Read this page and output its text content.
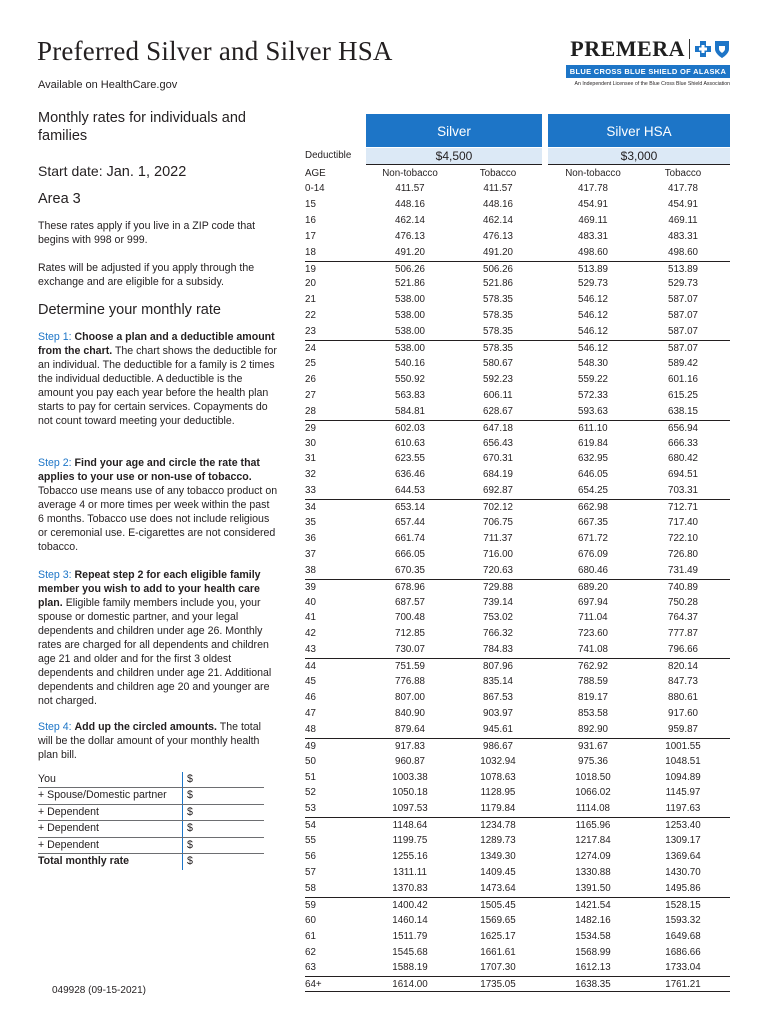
Preferred Silver and Silver HSA
Available on HealthCare.gov
PREMERA
BLUE CROSS BLUE SHIELD OF ALASKA
An Independent Licensee of the Blue Cross Blue Shield Association
Monthly rates for individuals and families
Start date: Jan. 1, 2022
Area 3
These rates apply if you live in a ZIP code that begins with 998 or 999.
Rates will be adjusted if you apply through the exchange and are eligible for a subsidy.
Determine your monthly rate
Step 1: Choose a plan and a deductible amount from the chart. The chart shows the deductible for an individual. The deductible for a family is 2 times the individual deductible. A deductible is the amount you pay each year before the health plan starts to pay for certain services. Copayments do not count toward meeting your deductible.
Step 2: Find your age and circle the rate that applies to your use or non-use of tobacco. Tobacco use means use of any tobacco product on average 4 or more times per week within the past 6 months. Tobacco use does not include religious or ceremonial use. E-cigarettes are not considered tobacco.
Step 3: Repeat step 2 for each eligible family member you wish to add to your health care plan. Eligible family members include you, your spouse or domestic partner, and your legal dependents and children under age 26. Monthly rates are charged for all dependents and children age 21 and older and for the first 3 oldest dependents and children under age 21. Additional dependents and children age 20 and younger are not charged.
Step 4: Add up the circled amounts. The total will be the dollar amount of your monthly health plan bill.
You	$
+ Spouse/Domestic partner	$
+ Dependent	$
+ Dependent	$
+ Dependent	$
Total monthly rate	$
049928 (09-15-2021)
Silver	Silver HSA
Deductible	$4,500	$3,000
AGE	Non-tobacco	Tobacco	Non-tobacco	Tobacco
0-14	411.57	411.57	417.78	417.78
15	448.16	448.16	454.91	454.91
16	462.14	462.14	469.11	469.11
17	476.13	476.13	483.31	483.31
18	491.20	491.20	498.60	498.60
19	506.26	506.26	513.89	513.89
20	521.86	521.86	529.73	529.73
21	538.00	578.35	546.12	587.07
22	538.00	578.35	546.12	587.07
23	538.00	578.35	546.12	587.07
24	538.00	578.35	546.12	587.07
25	540.16	580.67	548.30	589.42
26	550.92	592.23	559.22	601.16
27	563.83	606.11	572.33	615.25
28	584.81	628.67	593.63	638.15
29	602.03	647.18	611.10	656.94
30	610.63	656.43	619.84	666.33
31	623.55	670.31	632.95	680.42
32	636.46	684.19	646.05	694.51
33	644.53	692.87	654.25	703.31
34	653.14	702.12	662.98	712.71
35	657.44	706.75	667.35	717.40
36	661.74	711.37	671.72	722.10
37	666.05	716.00	676.09	726.80
38	670.35	720.63	680.46	731.49
39	678.96	729.88	689.20	740.89
40	687.57	739.14	697.94	750.28
41	700.48	753.02	711.04	764.37
42	712.85	766.32	723.60	777.87
43	730.07	784.83	741.08	796.66
44	751.59	807.96	762.92	820.14
45	776.88	835.14	788.59	847.73
46	807.00	867.53	819.17	880.61
47	840.90	903.97	853.58	917.60
48	879.64	945.61	892.90	959.87
49	917.83	986.67	931.67	1001.55
50	960.87	1032.94	975.36	1048.51
51	1003.38	1078.63	1018.50	1094.89
52	1050.18	1128.95	1066.02	1145.97
53	1097.53	1179.84	1114.08	1197.63
54	1148.64	1234.78	1165.96	1253.40
55	1199.75	1289.73	1217.84	1309.17
56	1255.16	1349.30	1274.09	1369.64
57	1311.11	1409.45	1330.88	1430.70
58	1370.83	1473.64	1391.50	1495.86
59	1400.42	1505.45	1421.54	1528.15
60	1460.14	1569.65	1482.16	1593.32
61	1511.79	1625.17	1534.58	1649.68
62	1545.68	1661.61	1568.99	1686.66
63	1588.19	1707.30	1612.13	1733.04
64+	1614.00	1735.05	1638.35	1761.21
